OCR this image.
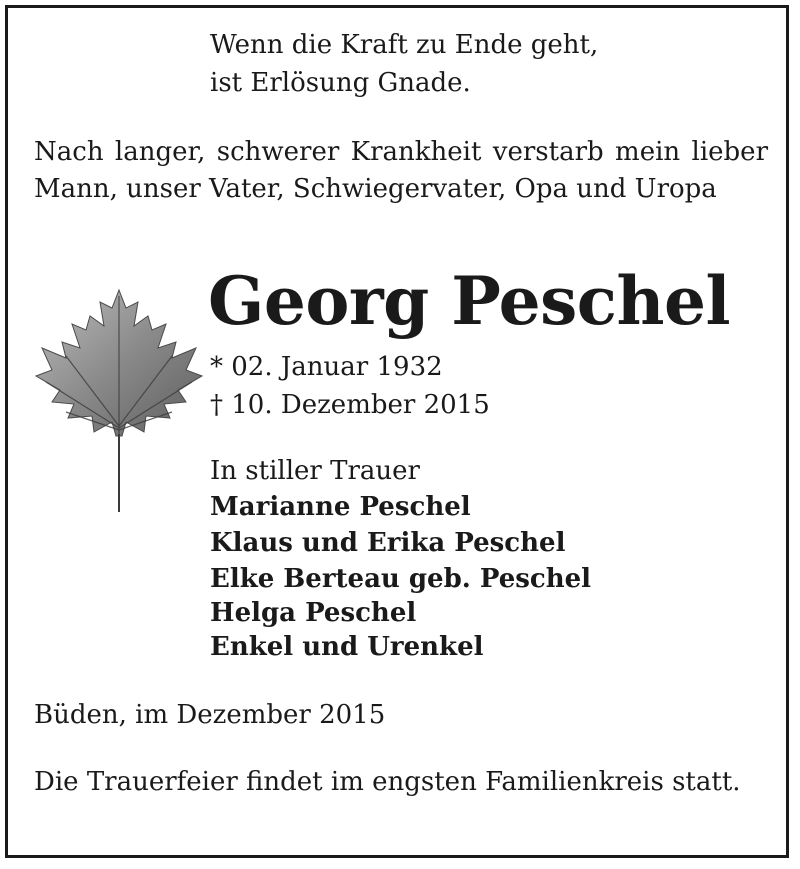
Wenn die Kraft zu Ende geht,

ist Erlösung Gnade.

Nach langer, schwerer Krankheit verstarb mein lieber Mann, unser Vater, Schwiegervater, Opa und Uropa

Georg Peschel

* 02. Januar 1932

† 10. Dezember 2015

In stiller Trauer

Marianne Peschel

Klaus und Erika Peschel

Elke Berteau geb. Peschel

Helga Peschel

Enkel und Urenkel

Büden, im Dezember 2015

Die Trauerfeier findet im engsten Familienkreis statt.
